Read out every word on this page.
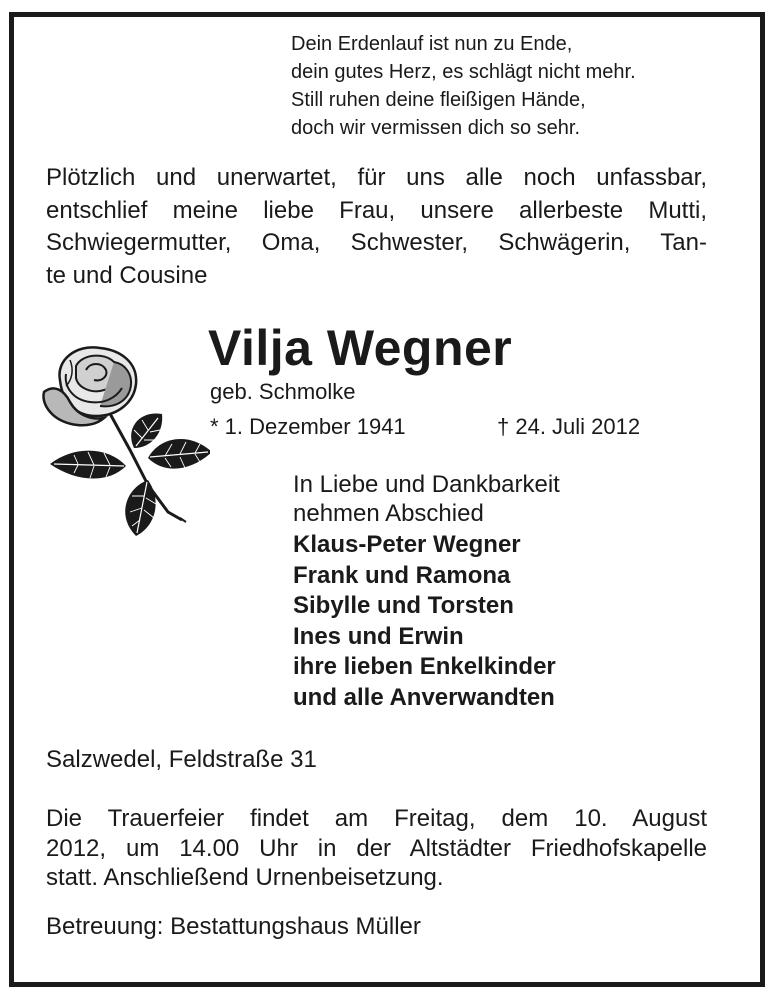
Dein Erdenlauf ist nun zu Ende,
dein gutes Herz, es schlägt nicht mehr.
Still ruhen deine fleißigen Hände,
doch wir vermissen dich so sehr.
Plötzlich und unerwartet, für uns alle noch unfassbar,
entschlief meine liebe Frau, unsere allerbeste Mutti,
Schwiegermutter, Oma, Schwester, Schwägerin, Tan-
te und Cousine
Vilja Wegner
geb. Schmolke
* 1. Dezember 1941	† 24. Juli 2012
In Liebe und Dankbarkeit
nehmen Abschied
Klaus-Peter Wegner
Frank und Ramona
Sibylle und Torsten
Ines und Erwin
ihre lieben Enkelkinder
und alle Anverwandten
Salzwedel, Feldstraße 31
Die Trauerfeier findet am Freitag, dem 10. August
2012, um 14.00 Uhr in der Altstädter Friedhofskapelle
statt. Anschließend Urnenbeisetzung.
Betreuung: Bestattungshaus Müller
